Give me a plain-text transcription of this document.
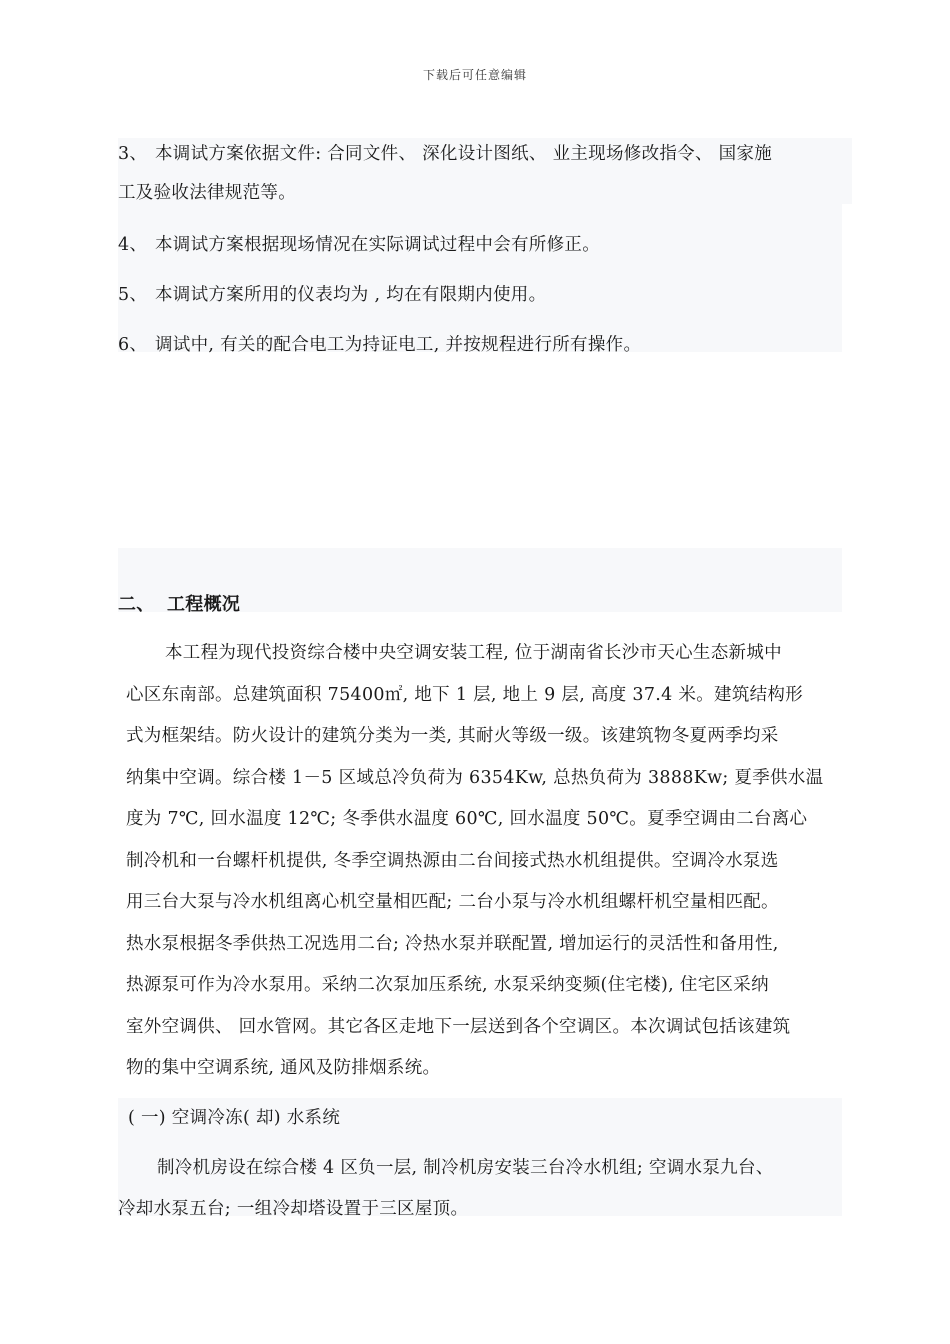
下载后可任意编辑
3、 本调试方案依据文件: 合同文件、 深化设计图纸、 业主现场修改指令、 国家施
工及验收法律规范等。
4、 本调试方案根据现场情况在实际调试过程中会有所修正。
5、 本调试方案所用的仪表均为 , 均在有限期内使用。
6、 调试中, 有关的配合电工为持证电工, 并按规程进行所有操作。
二、 工程概况
本工程为现代投资综合楼中央空调安装工程, 位于湖南省长沙市天心生态新城中
心区东南部。总建筑面积 75400㎡, 地下 1 层, 地上 9 层, 高度 37.4 米。建筑结构形
式为框架结。防火设计的建筑分类为一类, 其耐火等级一级。该建筑物冬夏两季均采
纳集中空调。综合楼 1－5 区域总冷负荷为 6354Kw, 总热负荷为 3888Kw; 夏季供水温
度为 7℃, 回水温度 12℃; 冬季供水温度 60℃, 回水温度 50℃。夏季空调由二台离心
制冷机和一台螺杆机提供, 冬季空调热源由二台间接式热水机组提供。空调冷水泵选
用三台大泵与冷水机组离心机空量相匹配; 二台小泵与冷水机组螺杆机空量相匹配。
热水泵根据冬季供热工况选用二台; 冷热水泵并联配置, 增加运行的灵活性和备用性,
热源泵可作为冷水泵用。采纳二次泵加压系统, 水泵采纳变频(住宅楼), 住宅区采纳
室外空调供、 回水管网。其它各区走地下一层送到各个空调区。本次调试包括该建筑
物的集中空调系统, 通风及防排烟系统。
( 一) 空调冷冻( 却) 水系统
制冷机房设在综合楼 4 区负一层, 制冷机房安装三台冷水机组; 空调水泵九台、
冷却水泵五台; 一组冷却塔设置于三区屋顶。
